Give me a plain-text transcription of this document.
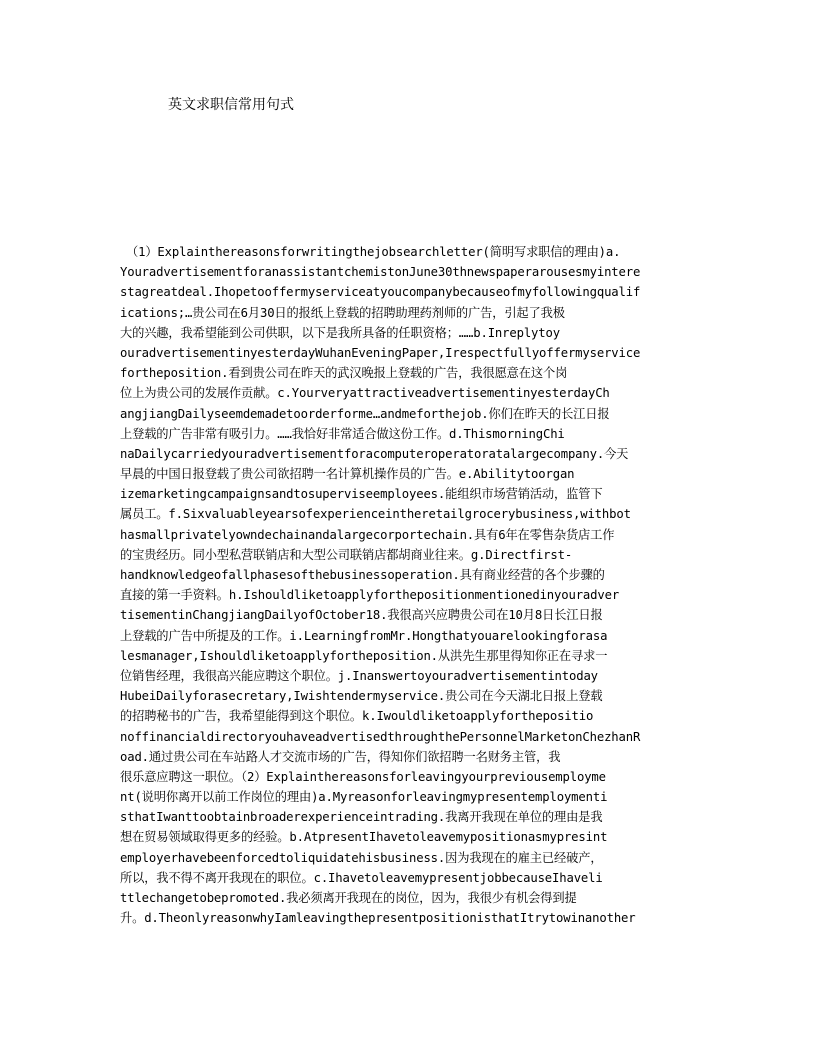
英文求职信常用句式
（1）Explainthereasonsforwritingthejobsearchletter(简明写求职信的理由)a.
YouradvertisementforanassistantchemistonJune30thnewspaperarousesmyintere
stagreatdeal.Ihopetooffermyserviceatyoucompanybecauseofmyfollowingqualif
ications;…贵公司在6月30日的报纸上登载的招聘助理药剂师的广告，引起了我极
大的兴趣，我希望能到公司供职，以下是我所具备的任职资格；……b.Inreplytoy
ouradvertisementinyesterdayWuhanEveningPaper,Irespectfullyoffermyservice
fortheposition.看到贵公司在昨天的武汉晚报上登载的广告，我很愿意在这个岗
位上为贵公司的发展作贡献。c.YourveryattractiveadvertisementinyesterdayCh
angjiangDailyseemdemadetoorderforme…andmeforthejob.你们在昨天的长江日报
上登载的广告非常有吸引力。……我恰好非常适合做这份工作。d.ThismorningChi
naDailycarriedyouradvertisementforacomputeroperatoratalargecompany.今天
早晨的中国日报登载了贵公司欲招聘一名计算机操作员的广告。e.Abilitytoorgan
izemarketingcampaignsandtosuperviseemployees.能组织市场营销活动，监管下
属员工。f.Sixvaluableyearsofexperienceintheretailgrocerybusiness,withbot
hasmallprivatelyowndechainandalargecorportechain.具有6年在零售杂货店工作
的宝贵经历。同小型私营联销店和大型公司联销店都胡商业往来。g.Directfirst-
handknowledgeofallphasesofthebusinessoperation.具有商业经营的各个步骤的
直接的第一手资料。h.Ishouldliketoapplyforthepositionmentionedinyouradver
tisementinChangjiangDailyofOctober18.我很高兴应聘贵公司在10月8日长江日报
上登载的广告中所提及的工作。i.LearningfromMr.Hongthatyouarelookingforasa
lesmanager,Ishouldliketoapplyfortheposition.从洪先生那里得知你正在寻求一
位销售经理，我很高兴能应聘这个职位。j.Inanswertoyouradvertisementintoday
HubeiDailyforasecretary,Iwishtendermyservice.贵公司在今天湖北日报上登载
的招聘秘书的广告，我希望能得到这个职位。k.Iwouldliketoapplyforthepositio
noffinancialdirectoryouhaveadvertisedthroughthePersonnelMarketonChezhanR
oad.通过贵公司在车站路人才交流市场的广告，得知你们欲招聘一名财务主管，我
很乐意应聘这一职位。（2）Explainthereasonsforleavingyourpreviousemployme
nt(说明你离开以前工作岗位的理由)a.Myreasonforleavingmypresentemploymenti
sthatIwanttoobtainbroaderexperienceintrading.我离开我现在单位的理由是我
想在贸易领域取得更多的经验。b.AtpresentIhavetoleavemypositionasmypresint
employerhavebeenforcedtoliquidatehisbusiness.因为我现在的雇主已经破产，
所以，我不得不离开我现在的职位。c.IhavetoleavemypresentjobbecauseIhaveli
ttlechangetobepromoted.我必须离开我现在的岗位，因为，我很少有机会得到提
升。d.TheonlyreasonwhyIamleavingthepresentpositionisthatItrytowinanother
